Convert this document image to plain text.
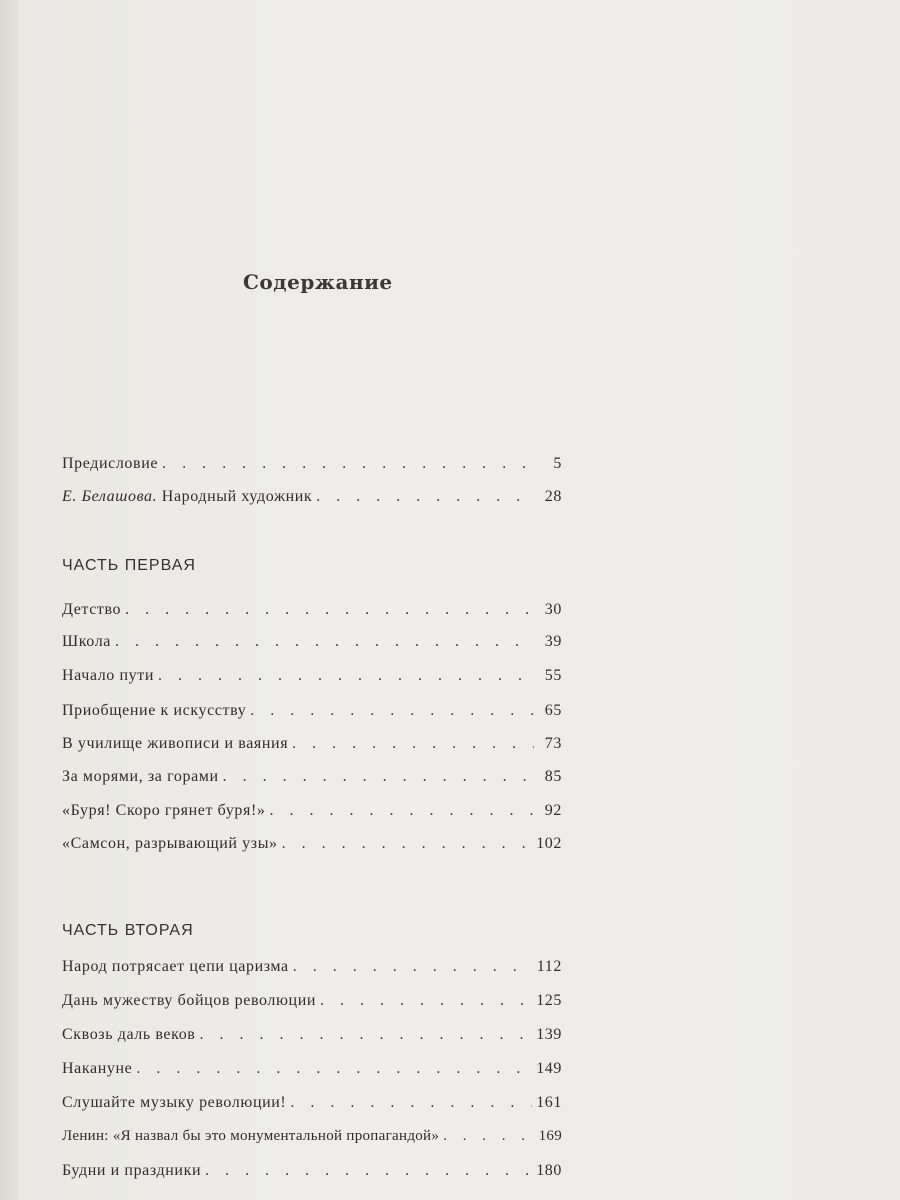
Содержание
Предисловие . . .	5
Е. Белашова. Народный художник . . .	28
ЧАСТЬ ПЕРВАЯ
Детство . . .	30
Школа . . .	39
Начало пути . . .	55
Приобщение к искусству . . .	65
В училище живописи и ваяния . . .	73
За морями, за горами . . .	85
«Буря! Скоро грянет буря!» . . .	92
«Самсон, разрывающий узы» . . .	102
ЧАСТЬ ВТОРАЯ
Народ потрясает цепи царизма . . .	112
Дань мужеству бойцов революции . . .	125
Сквозь даль веков . . .	139
Накануне . . .	149
Слушайте музыку революции! . . .	161
Ленин: «Я назвал бы это монументальной пропагандой» . . .	169
Будни и праздники . . .	180
